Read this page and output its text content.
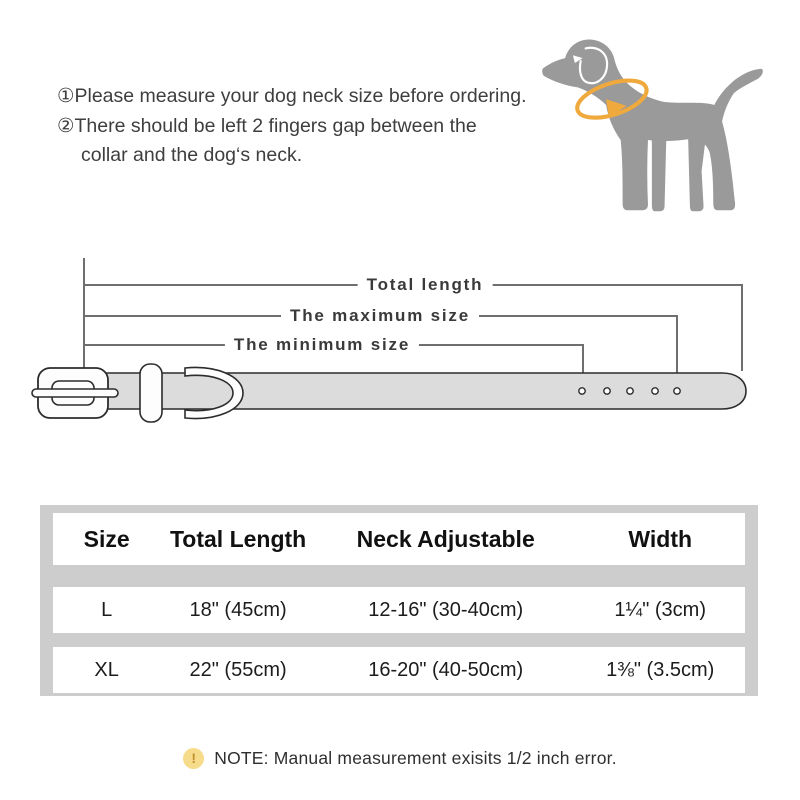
①Please measure your dog neck size before ordering.

②There should be left 2 fingers gap between the
collar and the dog‘s neck.

Total length
The maximum size
The minimum size
Size	Total Length	Neck Adjustable	Width
L	18" (45cm)	12-16" (30-40cm)	1¼" (3cm)
XL	22" (55cm)	16-20" (40-50cm)	1⅜" (3.5cm)
! NOTE: Manual measurement exisits 1/2 inch error.
